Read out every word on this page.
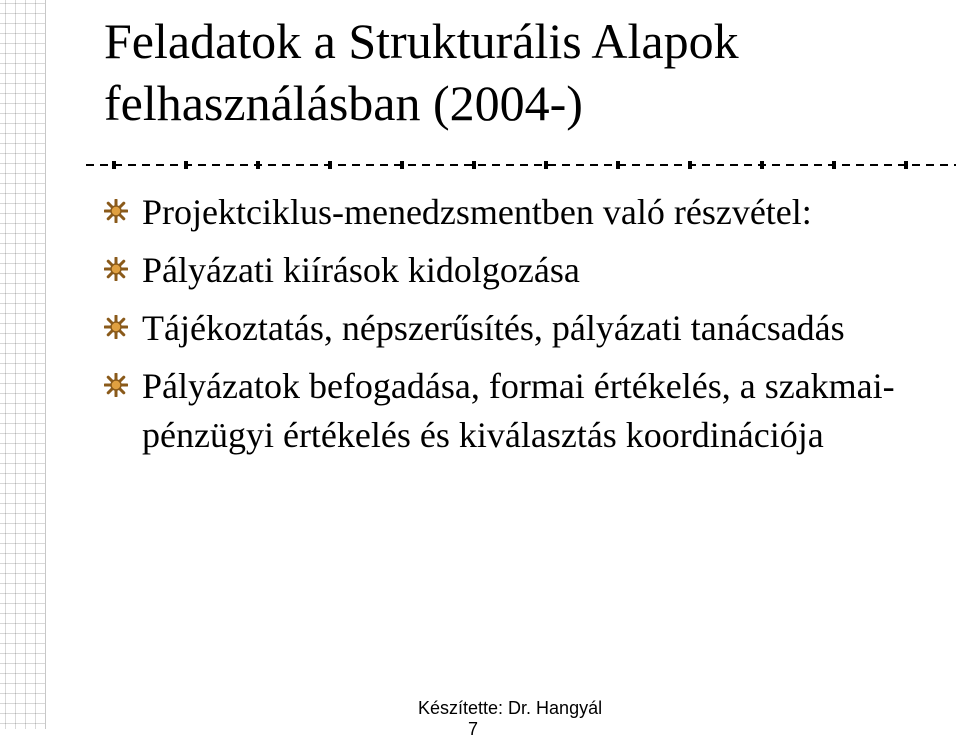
Feladatok a Strukturális Alapok
felhasználásban (2004-)
Projektciklus-menedzsmentben való részvétel:
Pályázati kiírások kidolgozása
Tájékoztatás, népszerűsítés, pályázati tanácsadás
Pályázatok befogadása, formai értékelés, a szakmai-pénzügyi értékelés és kiválasztás koordinációja
Készítette: Dr. Hangyál
7
